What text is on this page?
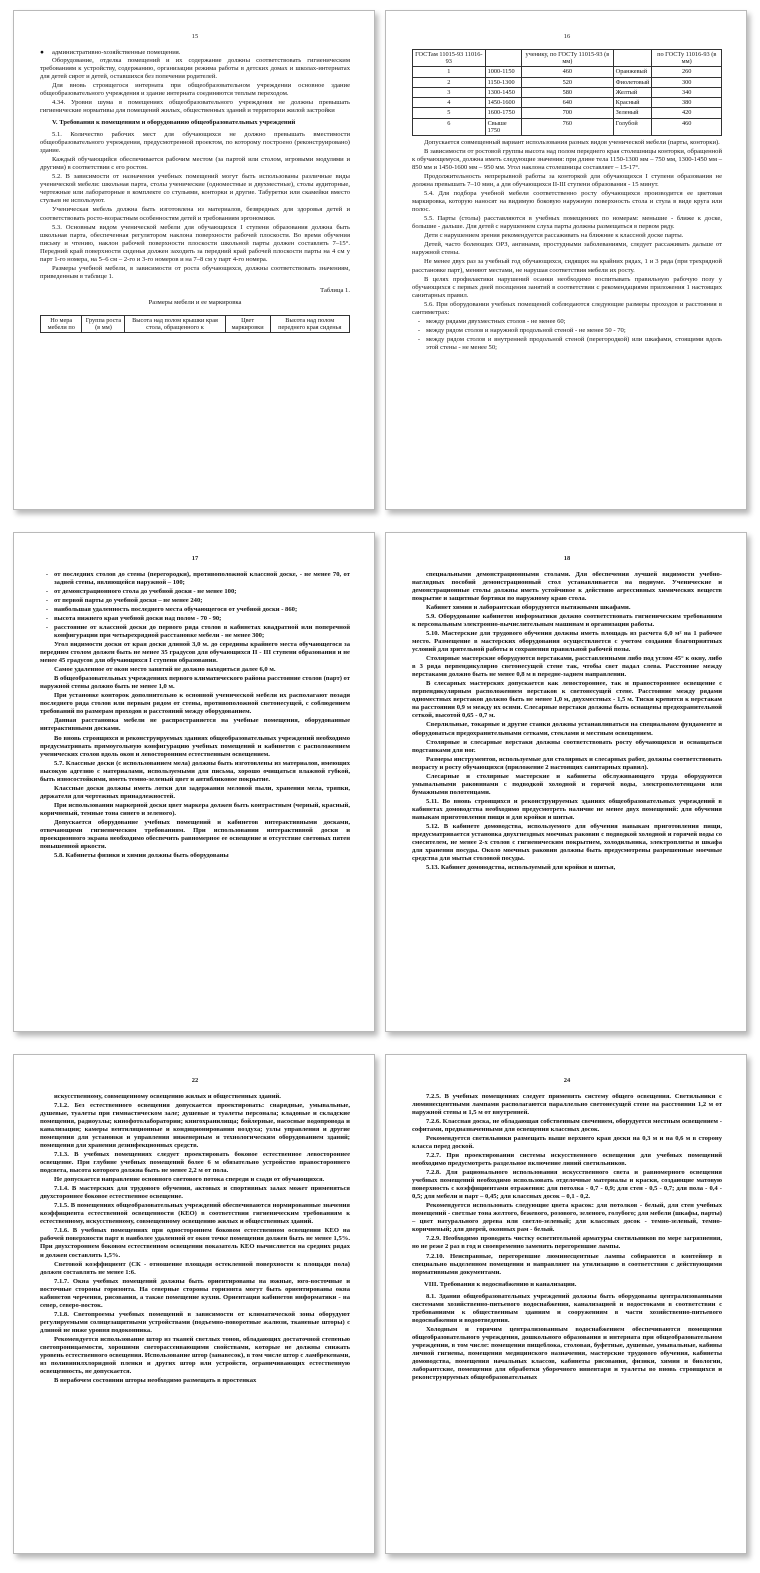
15
●	административно-хозяйственные помещения.
Оборудование, отделка помещений и их содержание должны соответствовать гигиеническим требованиям к устройству, содержанию, организации режима работы в детских домах и школах-интернатах для детей сирот и детей, оставшихся без попечения родителей.
Для вновь строящегося интерната при общеобразовательном учреждении основное здание общеобразовательного учреждения и здание интерната соединяются теплым переходом.
4.34. Уровни шума в помещениях общеобразовательного учреждения не должны превышать гигиенические нормативы для помещений жилых, общественных зданий и территории жилой застройки
V. Требования к помещениям и оборудованию общеобразовательных учреждений
5.1. Количество рабочих мест для обучающихся не должно превышать вместимости общеобразовательного учреждения, предусмотренной проектом, по которому построено (реконструировано) здание.
Каждый обучающийся обеспечивается рабочим местом (за партой или столом, игровыми модулями и другими) в соответствии с его ростом.
5.2. В зависимости от назначения учебных помещений могут быть использованы различные виды ученической мебели: школьная парта, столы ученические (одноместные и двухместные), столы аудиторные, чертежные или лабораторные в комплекте со стульями, конторки и другие. Табуретки или скамейки вместо стульев не используют.
Ученическая мебель должна быть изготовлена из материалов, безвредных для здоровья детей и соответствовать росто-возрастным особенностям детей и требованиям эргономики.
5.3. Основным видом ученической мебели для обучающихся I ступени образования должна быть школьная парта, обеспеченная регулятором наклона поверхности рабочей плоскости. Во время обучения письму и чтению, наклон рабочей поверхности плоскости школьной парты должен составлять 7–15°. Передний край поверхности сиденья должен заходить за передний край рабочей плоскости парты на 4 см у парт 1-го номера, на 5–6 см – 2-го и 3-го номеров и на 7–8 см у парт 4-го номера.
Размеры учебной мебели, в зависимости от роста обучающихся, должны соответствовать значениям, приведенным в таблице 1.
Таблица 1.
Размеры мебели и ее маркировка
Но мера мебели по	Группа роста (в мм)	Высота над полом крышки края стола, обращенного к	Цвет маркировки	Высота над полом переднего края сиденья
16
ГОСТам 11015-93 11016-93		ученику, по ГОСТу 11015-93 (в мм)		по ГОСТу 11016-93 (в мм)
1	1000-1150	460	Оранжевый	260
2	1150-1300	520	Фиолетовый	300
3	1300-1450	580	Желтый	340
4	1450-1600	640	Красный	380
5	1600-1750	700	Зеленый	420
6	Свыше 1750	760	Голубой	460
Допускается совмещенный вариант использования разных видов ученической мебели (парты, конторки).
В зависимости от ростовой группы высота над полом переднего края столешницы конторки, обращенной к обучающемуся, должна иметь следующие значения: при длине тела 1150-1300 мм – 750 мм, 1300-1450 мм – 850 мм и 1450-1600 мм – 950 мм. Угол наклона столешницы составляет – 15-17°.
Продолжительность непрерывной работы за конторкой для обучающихся I ступени образования не должна превышать 7–10 мин, а для обучающихся II-III ступени образования - 15 минут.
5.4. Для подбора учебной мебели соответственно росту обучающихся производится ее цветовая маркировка, которую наносят на видимую боковую наружную поверхность стола и стула в виде круга или полос.
5.5. Парты (столы) расставляются в учебных помещениях по номерам: меньшие - ближе к доске, большие - дальше. Для детей с нарушением слуха парты должны размещаться в первом ряду.
Дети с нарушением зрения рекомендуется рассаживать на ближние к классной доске парты.
Детей, часто болеющих ОРЗ, ангинами, простудными заболеваниями, следует рассаживать дальше от наружной стены.
Не менее двух раз за учебный год обучающихся, сидящих на крайних рядах, 1 и 3 ряда (при трехрядной расстановке парт), меняют местами, не нарушая соответствия мебели их росту.
В целях профилактики нарушений осанки необходимо воспитывать правильную рабочую позу у обучающихся с первых дней посещения занятий в соответствии с рекомендациями приложения 1 настоящих санитарных правил.
5.6. При оборудовании учебных помещений соблюдаются следующие размеры проходов и расстояния в сантиметрах:
- между рядами двухместных столов - не менее 60;
- между рядом столов и наружной продольной стеной - не менее 50 - 70;
- между рядом столов и внутренней продольной стеной (перегородкой) или шкафами, стоящими вдоль этой стены - не менее 50;
17
- от последних столов до стены (перегородки), противоположной классной доске, - не менее 70, от задней стены, являющейся наружной – 100;
- от демонстрационного стола до учебной доски - не менее 100;
- от первой парты до учебной доски – не менее 240;
- наибольшая удаленность последнего места обучающегося от учебной доски - 860;
- высота нижнего края учебной доски над полом - 70 - 90;
- расстояние от классной доски до первого ряда столов в кабинетах квадратной или поперечной конфигурации при четырехрядной расстановке мебели - не менее 300;
Угол видимости доски от края доски длиной 3,0 м. до середины крайнего места обучающегося за передним столом должен быть не менее 35 градусов для обучающихся II - III ступени образования и не менее 45 градусов для обучающихся I ступени образования.
Самое удаленное от окон место занятий не должно находиться далее 6,0 м.
В общеобразовательных учреждениях первого климатического района расстояние столов (парт) от наружной стены должно быть не менее 1,0 м.
При установке конторок дополнительно к основной ученической мебели их располагают позади последнего ряда столов или первым рядом от стены, противоположной светонесущей, с соблюдением требований по размерам проходов и расстояний между оборудованием.
Данная расстановка мебели не распространяется на учебные помещения, оборудованные интерактивными досками.
Во вновь строящихся и реконструируемых зданиях общеобразовательных учреждений необходимо предусматривать прямоугольную конфигурацию учебных помещений и кабинетов с расположением ученических столов вдоль окон и левосторонним естественным освещением.
5.7. Классные доски (с использованием мела) должны быть изготовлены из материалов, имеющих высокую адгезию с материалами, используемыми для письма, хорошо очищаться влажной губкой, быть износостойкими, иметь темно-зеленый цвет и антибликовое покрытие.
Классные доски должны иметь лотки для задержания меловой пыли, хранения мела, тряпки, держателя для чертежных принадлежностей.
При использовании маркерной доски цвет маркера должен быть контрастным (черный, красный, коричневый, темные тона синего и зеленого).
Допускается оборудование учебных помещений и кабинетов интерактивными досками, отвечающими гигиеническим требованиям. При использовании интерактивной доски и проекционного экрана необходимо обеспечить равномерное ее освещение и отсутствие световых пятен повышенной яркости.
5.8. Кабинеты физики и химии должны быть оборудованы
18
специальными демонстрационными столами. Для обеспечения лучшей видимости учебно-наглядных пособий демонстрационный стол устанавливается на подиуме. Ученические и демонстрационные столы должны иметь устойчивое к действию агрессивных химических веществ покрытие и защитные бортики по наружному краю стола.
Кабинет химии и лаборантская оборудуются вытяжными шкафами.
5.9. Оборудование кабинетов информатики должно соответствовать гигиеническим требованиям к персональным электронно-вычислительным машинам и организации работы.
5.10. Мастерские для трудового обучения должны иметь площадь из расчета 6,0 м² на 1 рабочее место. Размещение в мастерских оборудования осуществляется с учетом создания благоприятных условий для зрительной работы и сохранения правильной рабочей позы.
Столярные мастерские оборудуются верстаками, расставленными либо под углом 45° к окну, либо в 3 ряда перпендикулярно светонесущей стене так, чтобы свет падал слева. Расстояние между верстаками должно быть не менее 0,8 м в передне-заднем направлении.
В слесарных мастерских допускается как левостороннее, так и правостороннее освещение с перпендикулярным расположением верстаков к светонесущей стене. Расстояние между рядами одноместных верстаков должно быть не менее 1,0 м, двухместных - 1,5 м. Тиски крепятся к верстакам на расстоянии 0,9 м между их осями. Слесарные верстаки должны быть оснащены предохранительной сеткой, высотой 0,65 - 0,7 м.
Сверлильные, токарные и другие станки должны устанавливаться на специальном фундаменте и оборудоваться предохранительными сетками, стеклами и местным освещением.
Столярные и слесарные верстаки должны соответствовать росту обучающихся и оснащаться подставками для ног.
Размеры инструментов, используемые для столярных и слесарных работ, должны соответствовать возрасту и росту обучающихся (приложение 2 настоящих санитарных правил).
Слесарные и столярные мастерские и кабинеты обслуживающего труда оборудуются умывальными раковинами с подводкой холодной и горячей воды, электрополотенцами или бумажными полотенцами.
5.11. Во вновь строящихся и реконструируемых зданиях общеобразовательных учреждений в кабинетах домоводства необходимо предусмотреть наличие не менее двух помещений: для обучения навыкам приготовления пищи и для кройки и шитья.
5.12. В кабинете домоводства, используемого для обучения навыкам приготовления пищи, предусматривается установка двухгнездных моечных раковин с подводкой холодной и горячей воды со смесителем, не менее 2-х столов с гигиеническим покрытием, холодильника, электроплиты и шкафа для хранения посуды. Около моечных раковин должны быть предусмотрены разрешенные моечные средства для мытья столовой посуды.
5.13. Кабинет домоводства, используемый для кройки и шитья,
22
искусственному, совмещенному освещению жилых и общественных зданий.
7.1.2. Без естественного освещения допускается проектировать: снарядные, умывальные, душевые, туалеты при гимнастическом зале; душевые и туалеты персонала; кладовые и складские помещения, радиоузлы; кинофотолаборатории; книгохранилища; бойлерные, насосные водопровода и канализации; камеры вентиляционные и кондиционирования воздуха; узлы управления и другие помещения для установки и управления инженерным и технологическим оборудованием зданий; помещения для хранения дезинфекционных средств.
7.1.3. В учебных помещениях следует проектировать боковое естественное левостороннее освещение. При глубине учебных помещений более 6 м обязательно устройство правостороннего подсвета, высота которого должна быть не менее 2,2 м от пола.
Не допускается направление основного светового потока спереди и сзади от обучающихся.
7.1.4. В мастерских для трудового обучения, актовых и спортивных залах может применяться двухстороннее боковое естественное освещение.
7.1.5. В помещениях общеобразовательных учреждений обеспечиваются нормированные значения коэффициента естественной освещенности (КЕО) в соответствии гигиеническим требованиям к естественному, искусственному, совмещенному освещению жилых и общественных зданий.
7.1.6. В учебных помещениях при одностороннем боковом естественном освещении КЕО на рабочей поверхности парт в наиболее удаленной от окон точке помещения должен быть не менее 1,5%. При двухстороннем боковом естественном освещении показатель КЕО вычисляется на средних рядах и должен составлять 1,5%.
Световой коэффициент (СК - отношение площади остекленной поверхности к площади пола) должен составлять не менее 1:6.
7.1.7. Окна учебных помещений должны быть ориентированы на южные, юго-восточные и восточные стороны горизонта. На северные стороны горизонта могут быть ориентированы окна кабинетов черчения, рисования, а также помещение кухни. Ориентация кабинетов информатики - на север, северо-восток.
7.1.8. Светопроемы учебных помещений в зависимости от климатической зоны оборудуют регулируемыми солнцезащитными устройствами (подъемно-поворотные жалюзи, тканевые шторы) с длиной не ниже уровня подоконника.
Рекомендуется использование штор из тканей светлых тонов, обладающих достаточной степенью светопроницаемости, хорошими светорассеивающими свойствами, которые не должны снижать уровень естественного освещения. Использование штор (занавесок), в том числе штор с ламбрекенами, из поливинилхлоридной пленки и других штор или устройств, ограничивающих естественную освещенность, не допускается.
В нерабочем состоянии шторы необходимо размещать в простенках
24
7.2.5. В учебных помещениях следует применять систему общего освещения. Светильники с люминесцентными лампами располагаются параллельно светонесущей стене на расстоянии 1,2 м от наружной стены и 1,5 м от внутренней.
7.2.6. Классная доска, не обладающая собственным свечением, оборудуется местным освещением - софитами, предназначенными для освещения классных досок.
Рекомендуется светильники размещать выше верхнего края доски на 0,3 м и на 0,6 м в сторону класса перед доской.
7.2.7. При проектировании системы искусственного освещения для учебных помещений необходимо предусмотреть раздельное включение линий светильников.
7.2.8. Для рационального использования искусственного света и равномерного освещения учебных помещений необходимо использовать отделочные материалы и краски, создающие матовую поверхность с коэффициентами отражения: для потолка - 0,7 - 0,9; для стен - 0,5 - 0,7; для пола - 0,4 - 0,5; для мебели и парт – 0,45; для классных досок – 0,1 - 0,2.
Рекомендуется использовать следующие цвета красок: для потолков - белый, для стен учебных помещений - светлые тона желтого, бежевого, розового, зеленого, голубого; для мебели (шкафы, парты) – цвет натурального дерева или светло-зеленый; для классных досок - темно-зеленый, темно-коричневый; для дверей, оконных рам - белый.
7.2.9. Необходимо проводить чистку осветительной арматуры светильников по мере загрязнения, но не реже 2 раз в год и своевременно заменять перегоревшие лампы.
7.2.10. Неисправные, перегоревшие люминесцентные лампы собираются в контейнер в специально выделенном помещении и направляют на утилизацию в соответствии с действующими нормативными документами.
VIII. Требования к водоснабжению и канализации.
8.1. Здания общеобразовательных учреждений должны быть оборудованы централизованными системами хозяйственно-питьевого водоснабжения, канализацией и водостоками в соответствии с требованиями к общественным зданиям и сооружениям в части хозяйственно-питьевого водоснабжения и водоотведения.
Холодным и горячим централизованным водоснабжением обеспечиваются помещения общеобразовательного учреждения, дошкольного образования и интерната при общеобразовательном учреждении, в том числе: помещения пищеблока, столовая, буфетные, душевые, умывальные, кабины личной гигиены, помещения медицинского назначения, мастерские трудового обучения, кабинеты домоводства, помещения начальных классов, кабинеты рисования, физики, химии и биологии, лаборантские, помещения для обработки уборочного инвентаря и туалеты во вновь строящихся и реконструируемых общеобразовательных
